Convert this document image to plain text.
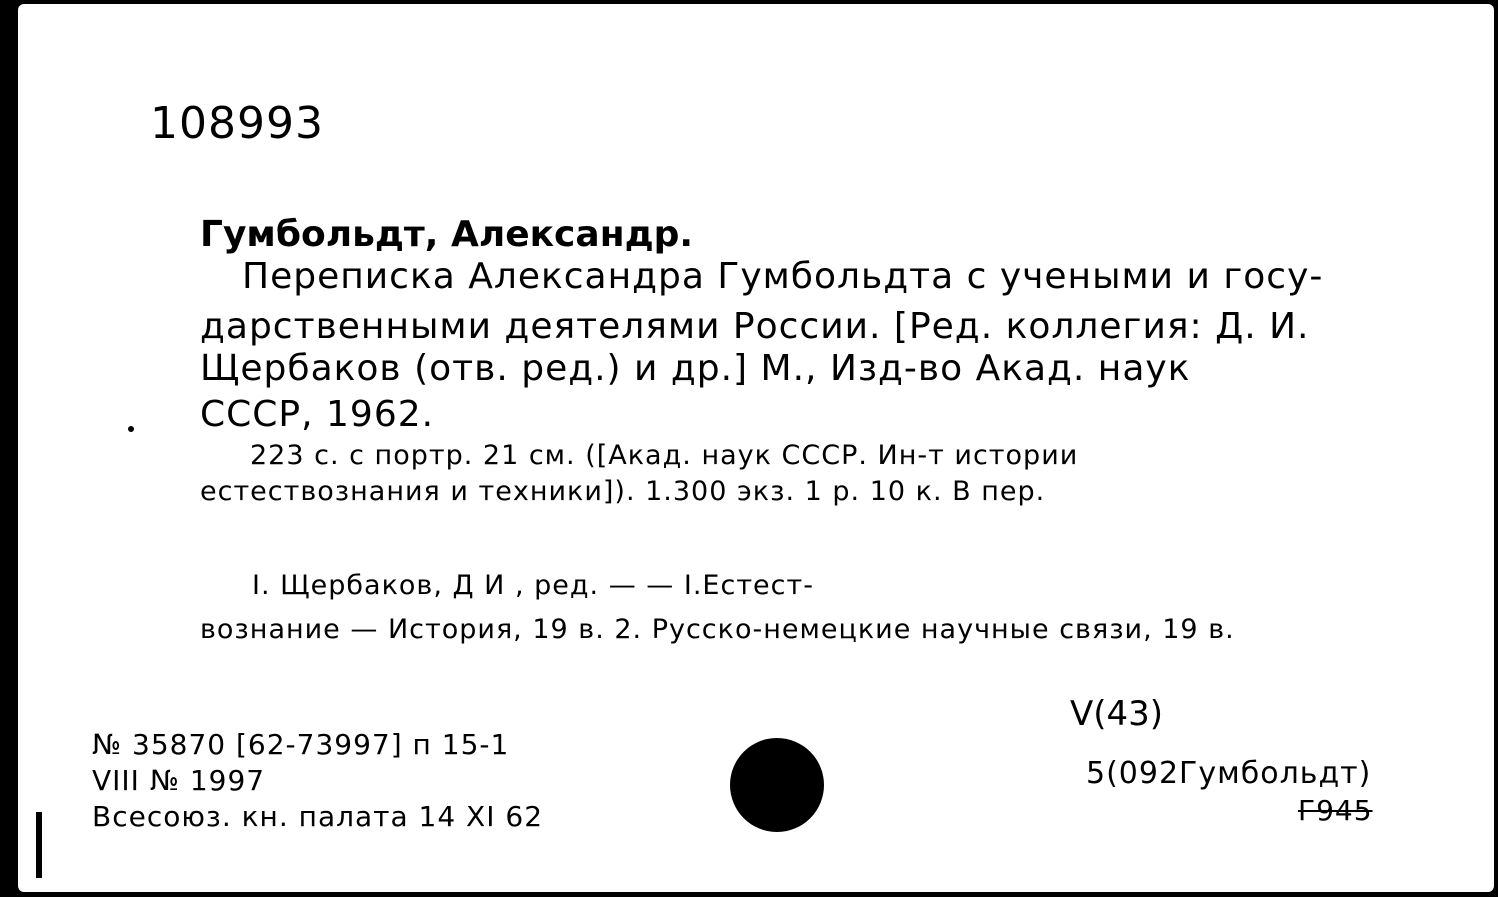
108993
Гумбольдт, Александр.
Переписка Александра Гумбольдта с учеными и госу-
дарственными деятелями России. [Ред. коллегия: Д. И.
Щербаков (отв. ред.) и др.] М., Изд-во Акад. наук
СССР, 1962.
223 с. с портр. 21 см. ([Акад. наук СССР. Ин-т истории
естествознания и техники]). 1.300 экз. 1 р. 10 к. В пер.
I. Щербаков, Д И , ред. — — I.Естест-
вознание — История, 19 в. 2. Русско-немецкие научные связи, 19 в.
№ 35870 [62-73997] п 15-1
VIII № 1997
Всесоюз. кн. палата 14 XI 62
V(43)
5(092Гумбольдт)
Г945
